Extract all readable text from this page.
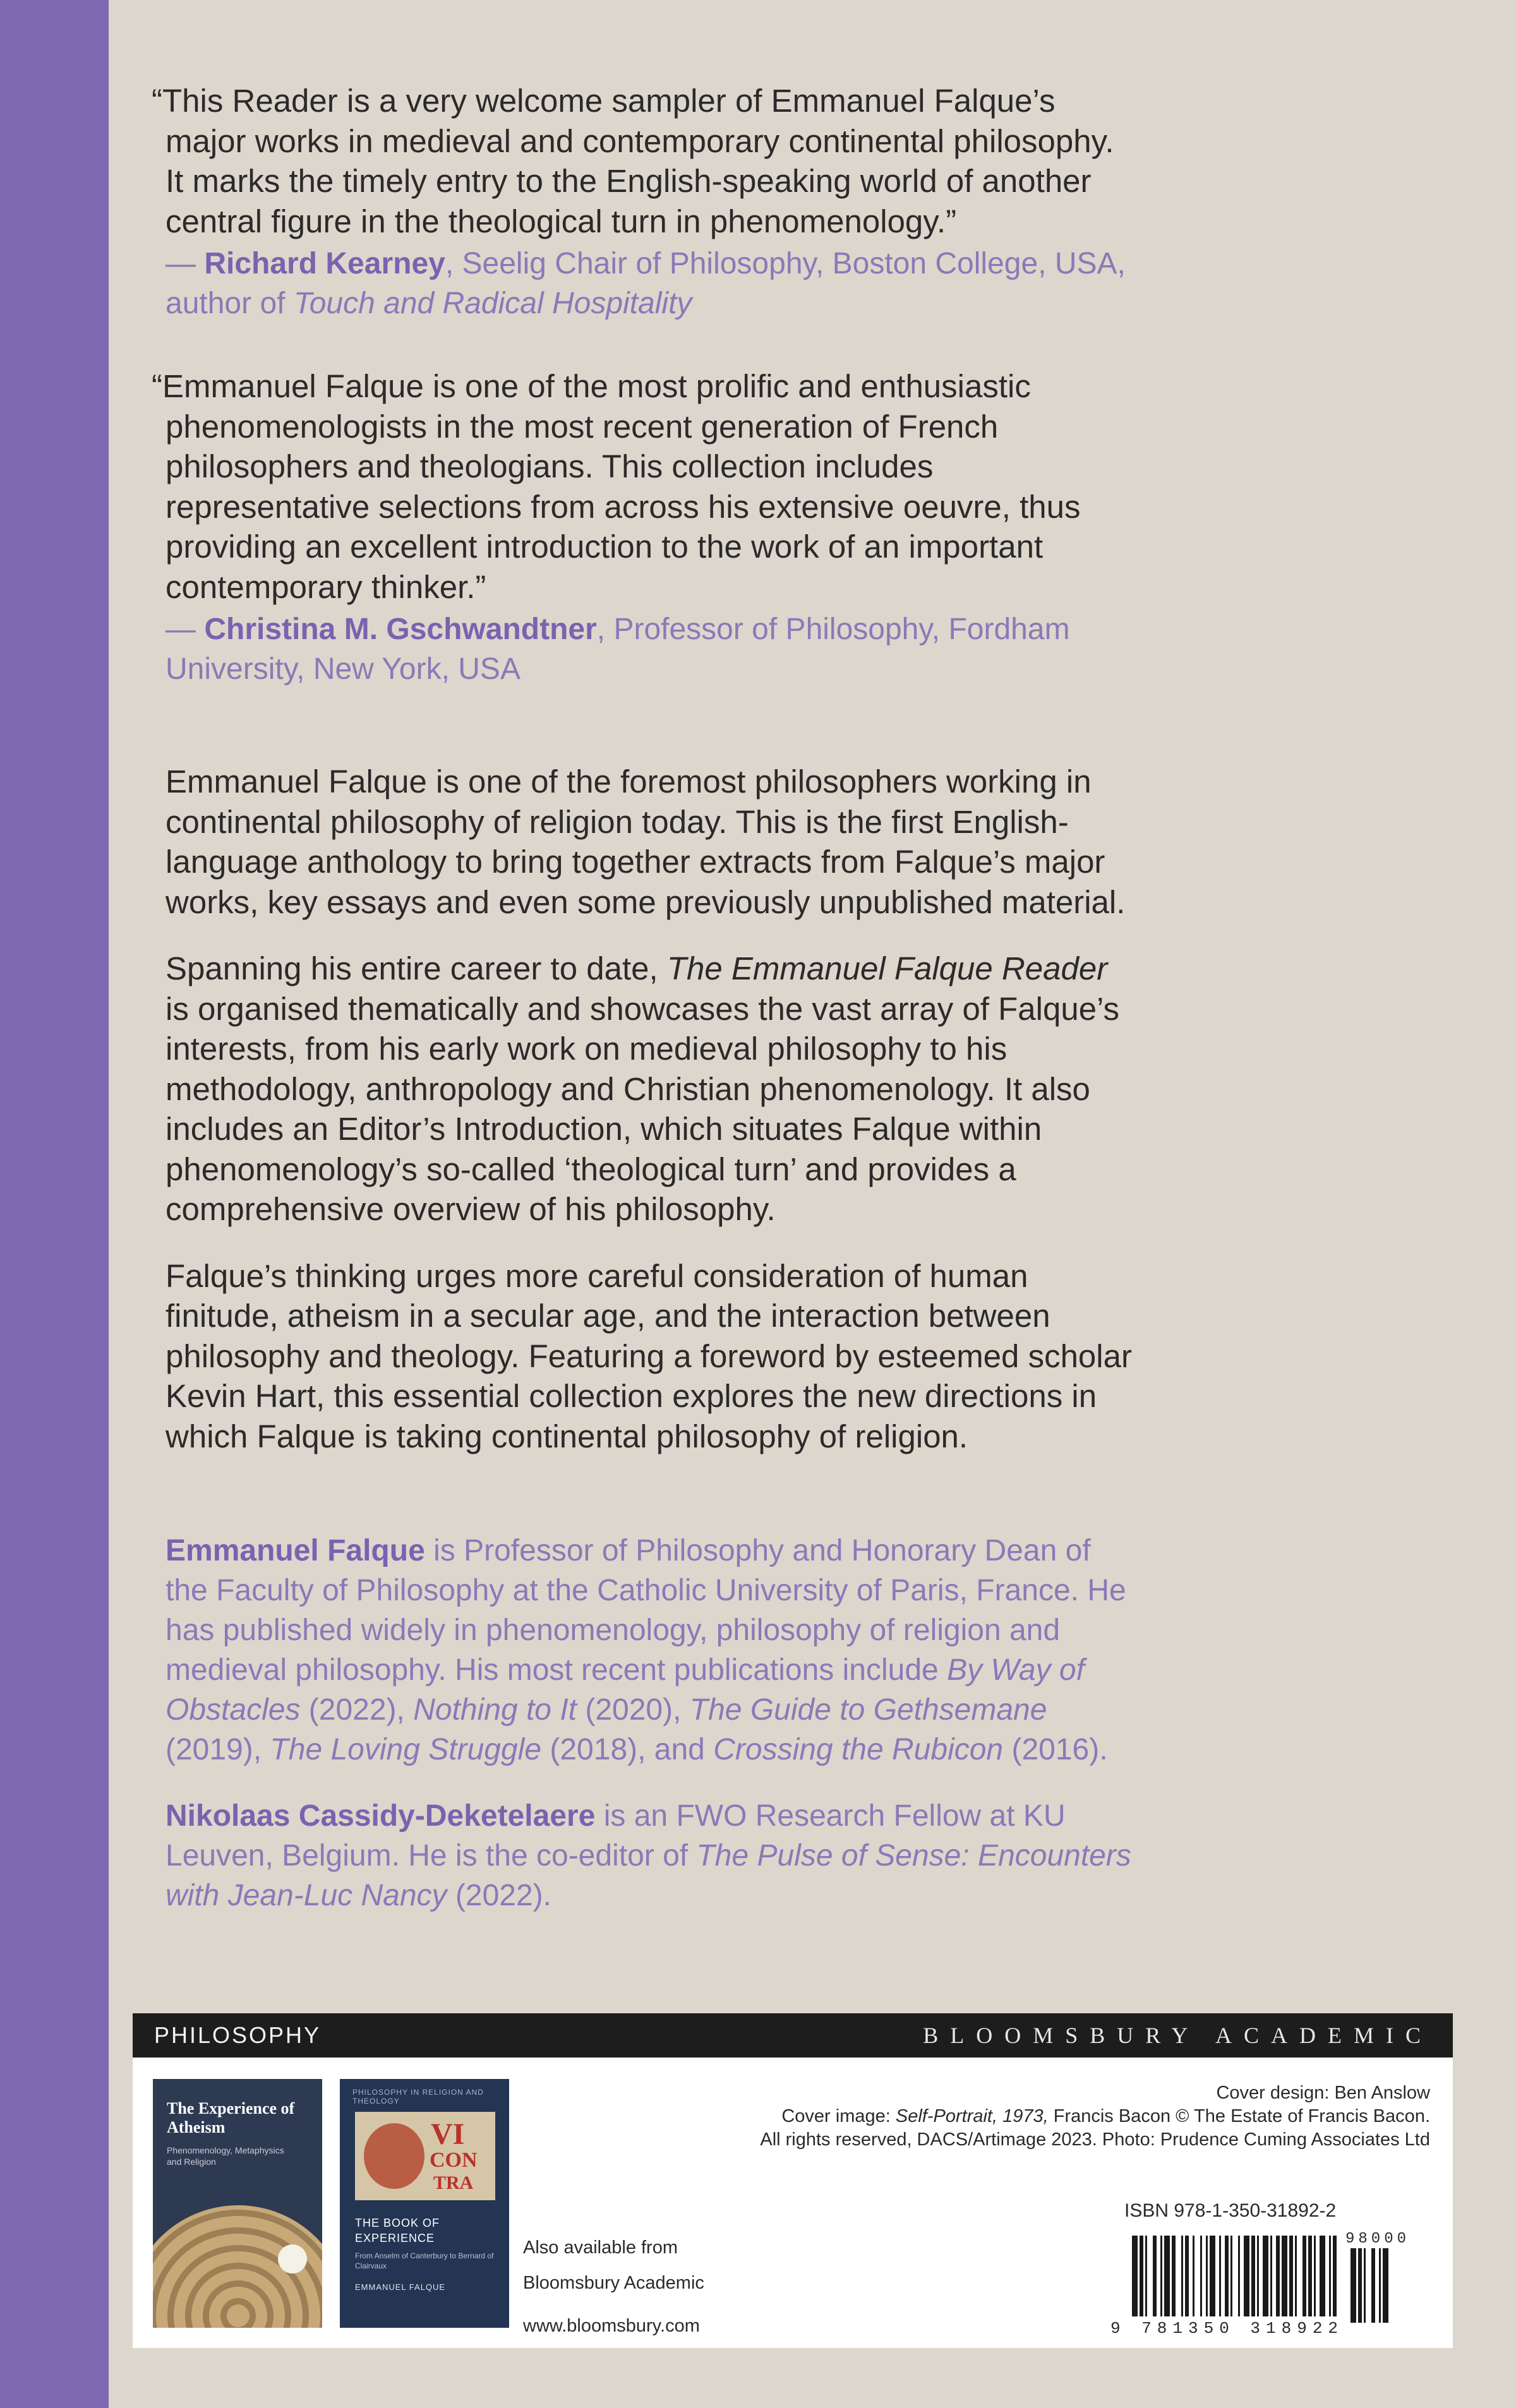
“This Reader is a very welcome sampler of Emmanuel Falque’s major works in medieval and contemporary continental philosophy. It marks the timely entry to the English-speaking world of another central figure in the theological turn in phenomenology.”

— Richard Kearney, Seelig Chair of Philosophy, Boston College, USA, author of Touch and Radical Hospitality

“Emmanuel Falque is one of the most prolific and enthusiastic phenomenologists in the most recent generation of French philosophers and theologians. This collection includes representative selections from across his extensive oeuvre, thus providing an excellent introduction to the work of an important contemporary thinker.”

— Christina M. Gschwandtner, Professor of Philosophy, Fordham University, New York, USA

Emmanuel Falque is one of the foremost philosophers working in continental philosophy of religion today. This is the first English-language anthology to bring together extracts from Falque’s major works, key essays and even some previously unpublished material.

Spanning his entire career to date, The Emmanuel Falque Reader is organised thematically and showcases the vast array of Falque’s interests, from his early work on medieval philosophy to his methodology, anthropology and Christian phenomenology. It also includes an Editor’s Introduction, which situates Falque within phenomenology’s so-called ‘theological turn’ and provides a comprehensive overview of his philosophy.

Falque’s thinking urges more careful consideration of human finitude, atheism in a secular age, and the interaction between philosophy and theology. Featuring a foreword by esteemed scholar Kevin Hart, this essential collection explores the new directions in which Falque is taking continental philosophy of religion.

Emmanuel Falque is Professor of Philosophy and Honorary Dean of the Faculty of Philosophy at the Catholic University of Paris, France. He has published widely in phenomenology, philosophy of religion and medieval philosophy. His most recent publications include By Way of Obstacles (2022), Nothing to It (2020), The Guide to Gethsemane (2019), The Loving Struggle (2018), and Crossing the Rubicon (2016).

Nikolaas Cassidy-Deketelaere is an FWO Research Fellow at KU Leuven, Belgium. He is the co-editor of The Pulse of Sense: Encounters with Jean-Luc Nancy (2022).

PHILOSOPHY	BLOOMSBURY ACADEMIC
The Experience of Atheism
Phenomenology, Metaphysics and Religion
PHILOSOPHY IN RELIGION AND THEOLOGY
VI
CON
TRA
THE BOOK OF EXPERIENCE
From Anselm of Canterbury to Bernard of Clairvaux
EMMANUEL FALQUE
Also available from
Bloomsbury Academic
www.bloomsbury.com
Cover design: Ben Anslow
Cover image: Self-Portrait, 1973, Francis Bacon © The Estate of Francis Bacon.
All rights reserved, DACS/Artimage 2023. Photo: Prudence Cuming Associates Ltd
ISBN 978-1-350-31892-2
98000
9 781350 318922
